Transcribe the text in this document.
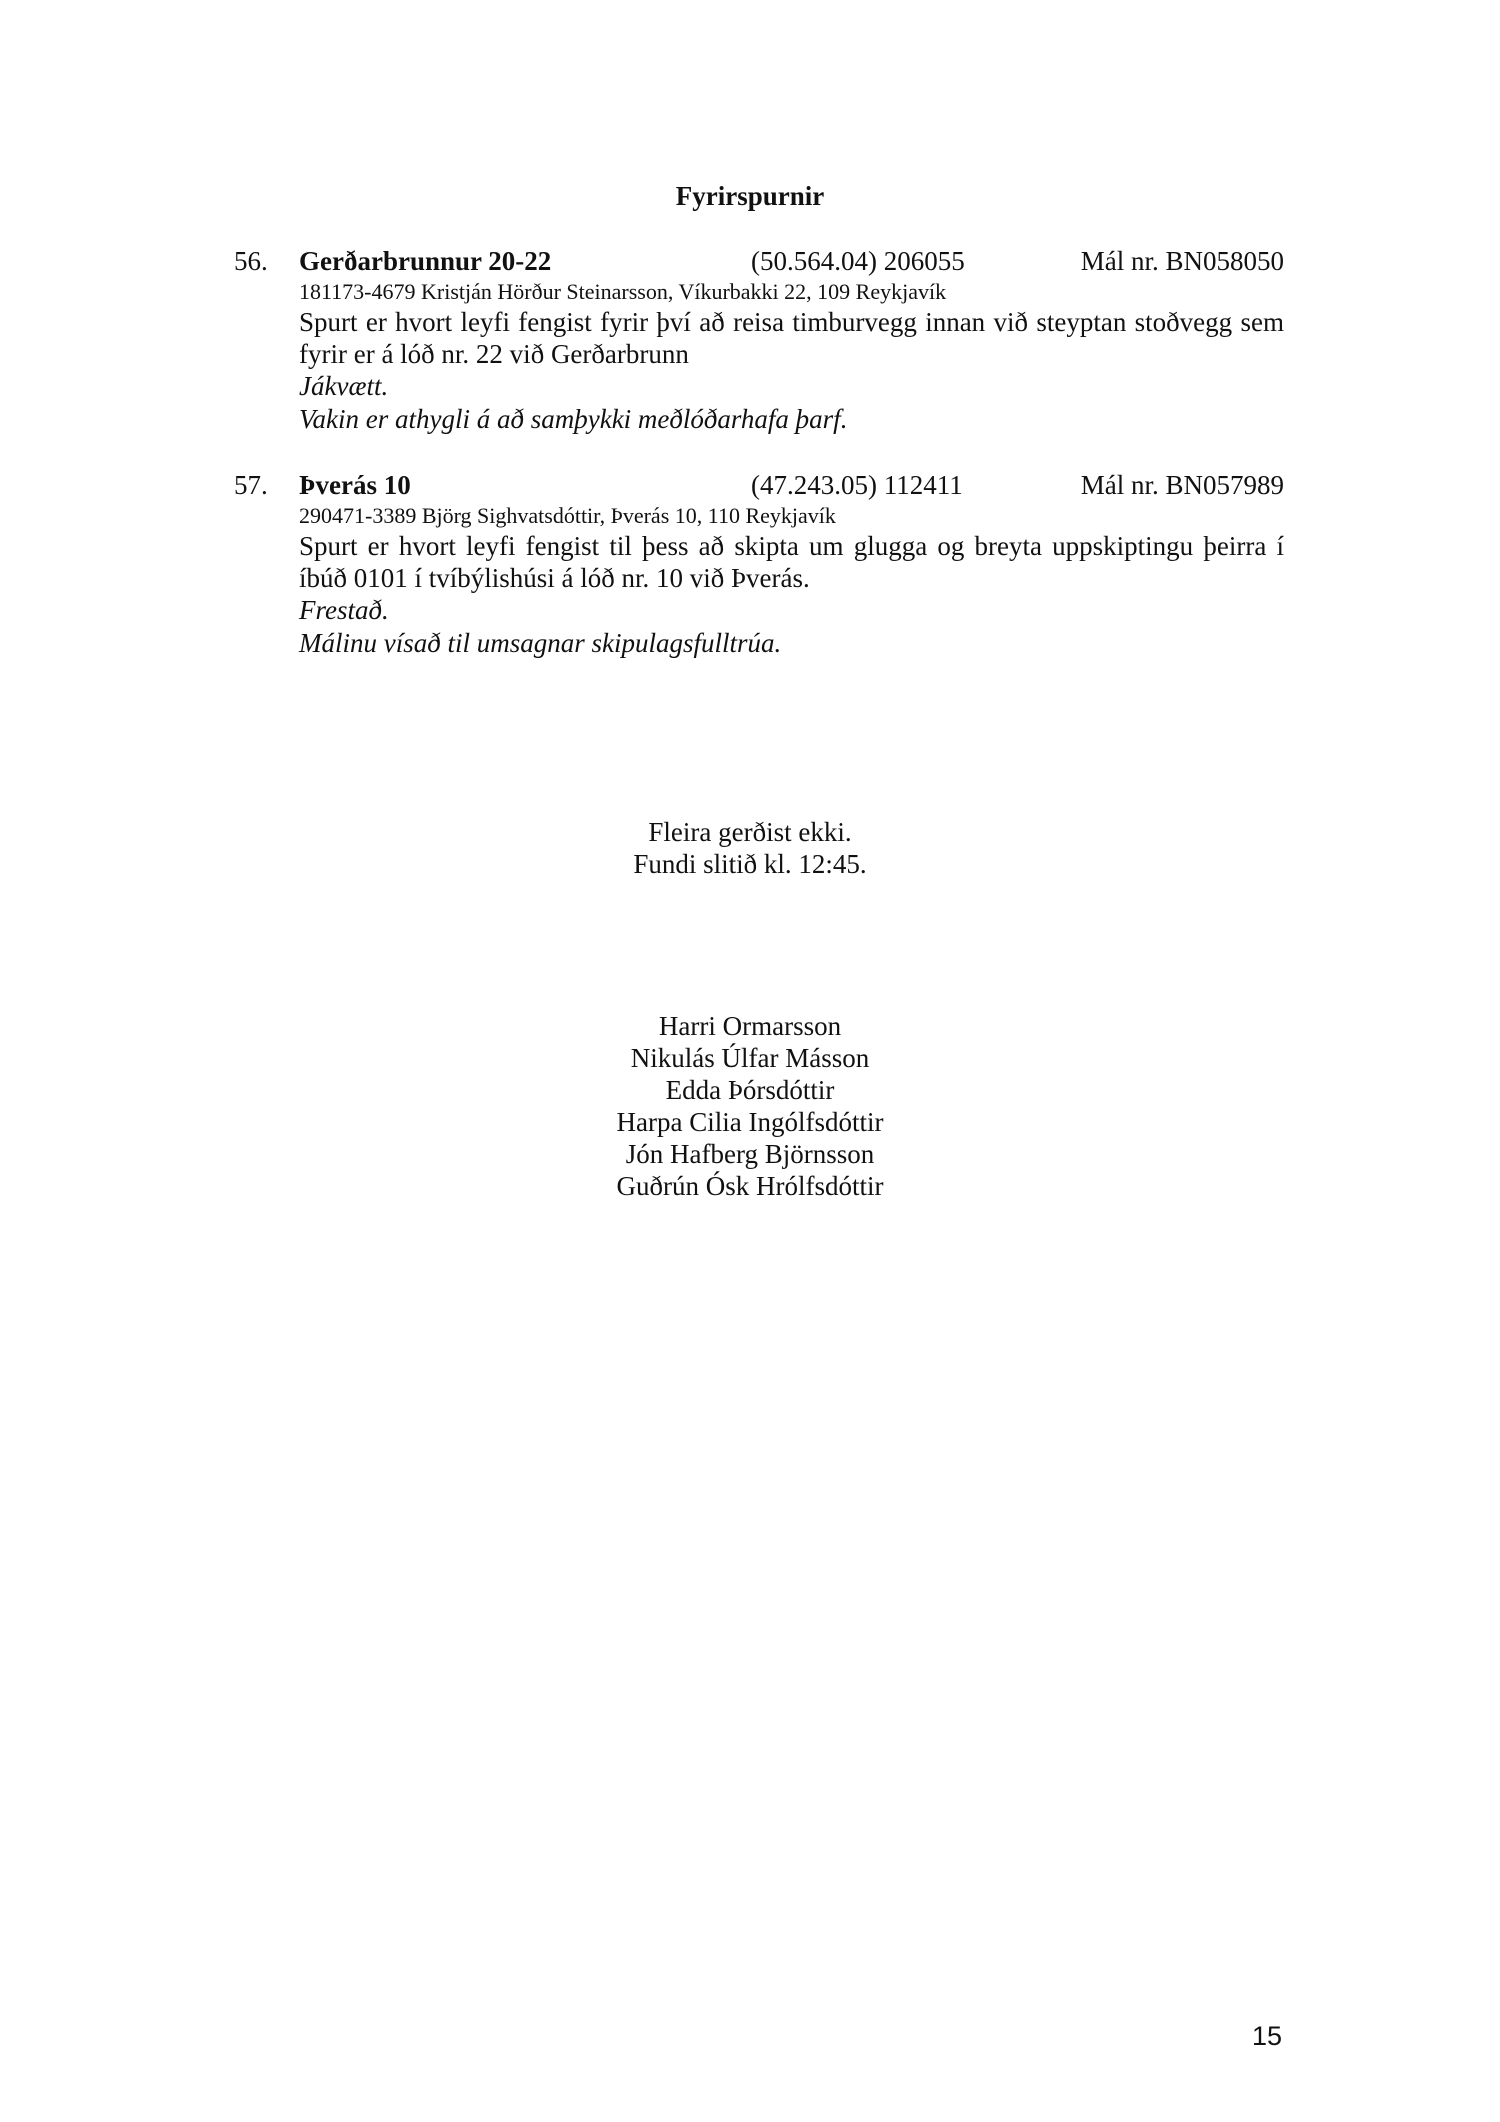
Fyrirspurnir
56. Gerðarbrunnur 20-22	(50.564.04) 206055	Mál nr. BN058050
181173-4679 Kristján Hörður Steinarsson, Víkurbakki 22, 109 Reykjavík
Spurt er hvort leyfi fengist fyrir því að reisa timburvegg innan við steyptan stoðvegg sem fyrir er á lóð nr. 22 við Gerðarbrunn
Jákvætt.
Vakin er athygli á að samþykki meðlóðarhafa þarf.
57. Þverás 10	(47.243.05) 112411	Mál nr. BN057989
290471-3389 Björg Sighvatsdóttir, Þverás 10, 110 Reykjavík
Spurt er hvort leyfi fengist til þess að skipta um glugga og breyta uppskiptingu þeirra í íbúð 0101 í tvíbýlishúsi á lóð nr. 10 við Þverás.
Frestað.
Málinu vísað til umsagnar skipulagsfulltrúa.
Fleira gerðist ekki.
Fundi slitið kl. 12:45.
Harri Ormarsson
Nikulás Úlfar Másson
Edda Þórsdóttir
Harpa Cilia Ingólfsdóttir
Jón Hafberg Björnsson
Guðrún Ósk Hrólfsdóttir
15
